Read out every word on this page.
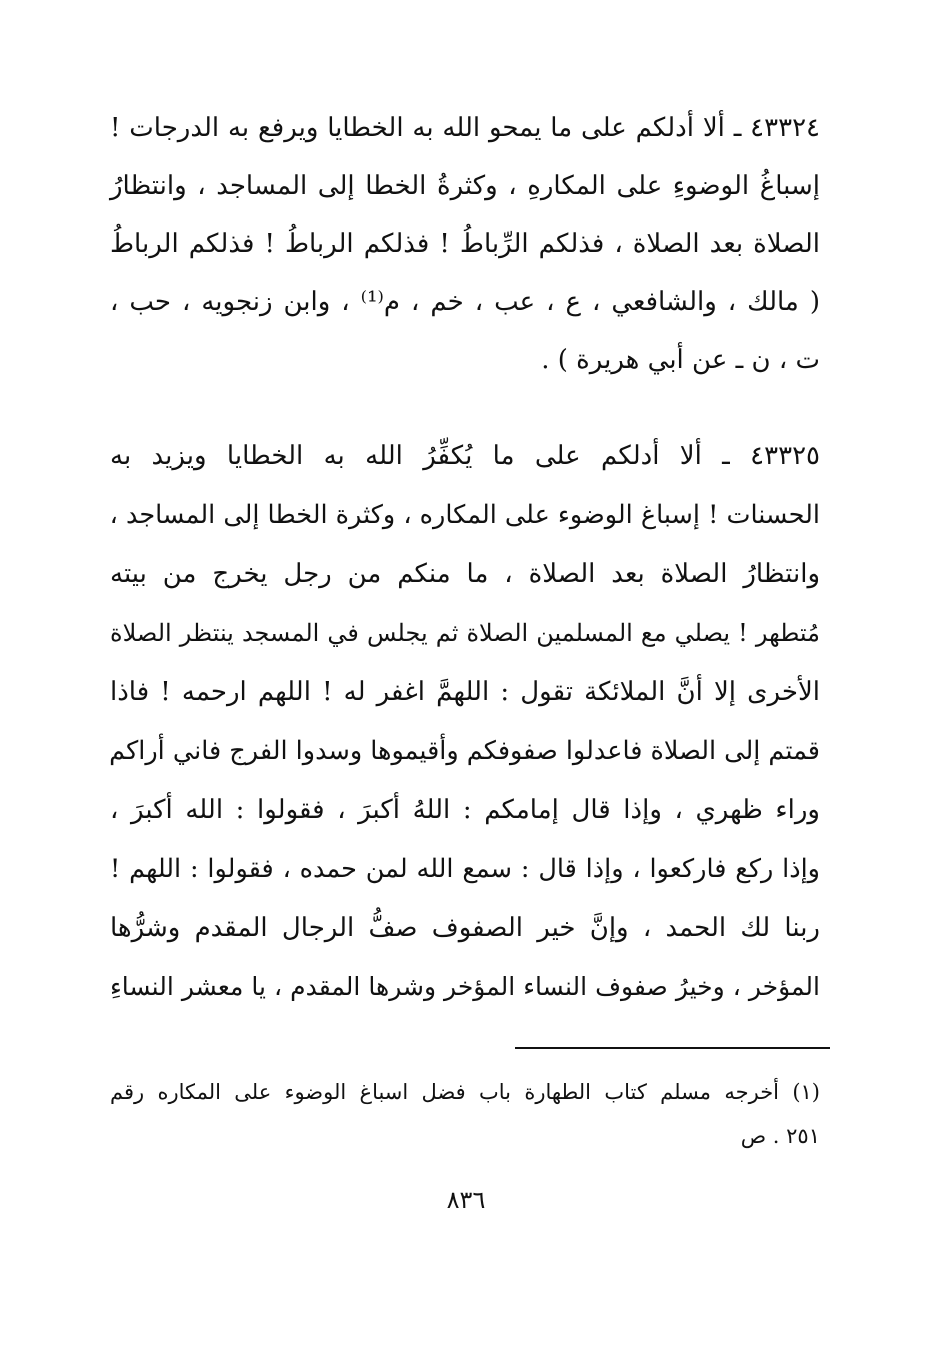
٤٣٣٢٤ ـ ألا أدلكم على ما يمحو الله به الخطايا ويرفع به الدرجات !
إسباغُ الوضوءِ على المكارهِ ، وكثرةُ الخطا إلى المساجد ، وانتظارُ
الصلاة بعد الصلاة ، فذلكم الرِّباطُ ! فذلكم الرباطُ ! فذلكم الرباطُ
( مالك ، والشافعي ، ع ، عب ، خم ، م⁽¹⁾ ، وابن زنجويه ، حب ،
ت ، ن ـ عن أبي هريرة ) .
٤٣٣٢٥ ـ ألا أدلكم على ما يُكفِّرُ الله به الخطايا ويزيد به
الحسنات ! إسباغ الوضوء على المكاره ، وكثرة الخطا إلى المساجد ،
وانتظارُ الصلاة بعد الصلاة ، ما منكم من رجل يخرج من بيته
مُتطهر ! يصلي مع المسلمين الصلاة ثم يجلس في المسجد ينتظر الصلاة
الأخرى إلا أنَّ الملائكة تقول : اللهمَّ اغفر له ! اللهم ارحمه ! فاذا
قمتم إلى الصلاة فاعدلوا صفوفكم وأقيموها وسدوا الفرج فاني أراكم
وراء ظهري ، وإذا قال إمامكم : اللهُ أكبرَ ، فقولوا : الله أكبرَ ،
وإذا ركع فاركعوا ، وإذا قال : سمع الله لمن حمده ، فقولوا : اللهم !
ربنا لك الحمد ، وإنَّ خير الصفوف صفُّ الرجال المقدم وشرُّها
المؤخر ، وخيرُ صفوف النساء المؤخر وشرها المقدم ، يا معشر النساءِ
(١) أخرجه مسلم كتاب الطهارة باب فضل اسباغ الوضوء على المكاره رقم
٢٥١ . ص
٨٣٦
